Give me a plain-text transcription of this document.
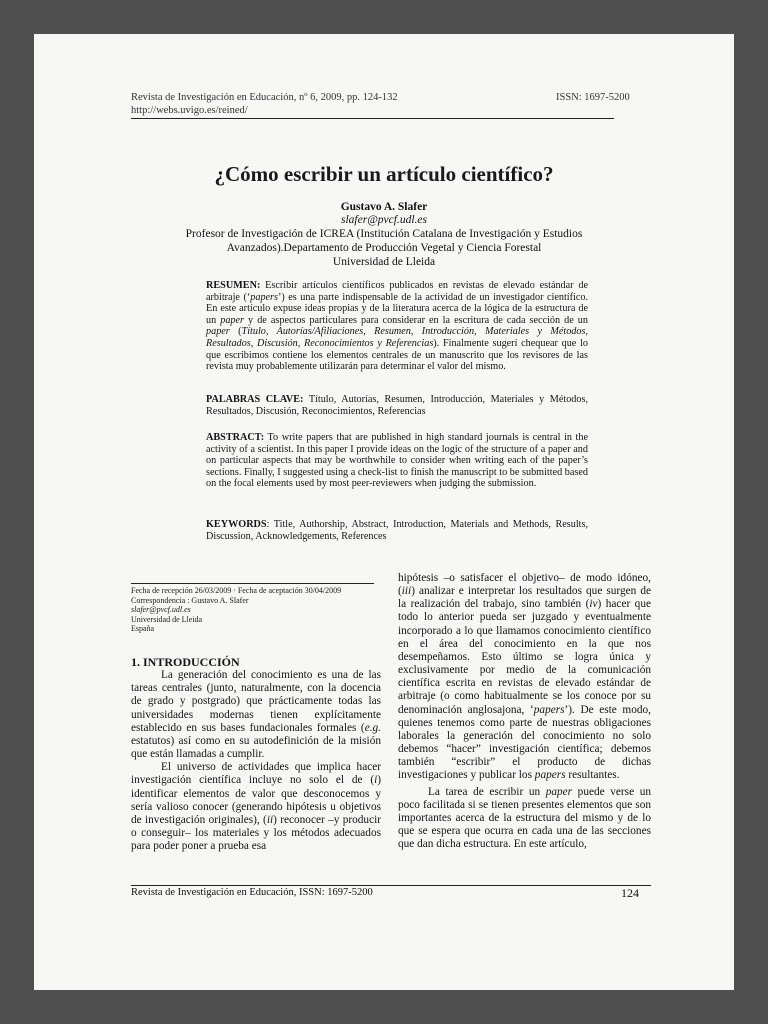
Revista de Investigación en Educación, nº 6, 2009, pp. 124-132
http://webs.uvigo.es/reined/
ISSN: 1697-5200
¿Cómo escribir un artículo científico?
Gustavo A. Slafer
slafer@pvcf.udl.es
Profesor de Investigación de ICREA (Institución Catalana de Investigación y Estudios
Avanzados).Departamento de Producción Vegetal y Ciencia Forestal
Universidad de Lleida
RESUMEN: Escribir artículos científicos publicados en revistas de elevado estándar de arbitraje (‘papers’) es una parte indispensable de la actividad de un investigador científico. En este artículo expuse ideas propias y de la literatura acerca de la lógica de la estructura de un paper y de aspectos particulares para considerar en la escritura de cada sección de un paper (Título, Autorías/Afiliaciones, Resumen, Introducción, Materiales y Métodos, Resultados, Discusión, Reconocimientos y Referencias). Finalmente sugerí chequear que lo que escribimos contiene los elementos centrales de un manuscrito que los revisores de las revista muy probablemente utilizarán para determinar el valor del mismo.
PALABRAS CLAVE: Título, Autorías, Resumen, Introducción, Materiales y Métodos, Resultados, Discusión, Reconocimientos, Referencias
ABSTRACT: To write papers that are published in high standard journals is central in the activity of a scientist. In this paper I provide ideas on the logic of the structure of a paper and on particular aspects that may be worthwhile to consider when writing each of the paper’s sections. Finally, I suggested using a check-list to finish the manuscript to be submitted based on the focal elements used by most peer-reviewers when judging the submission.
KEYWORDS: Title, Authorship, Abstract, Introduction, Materials and Methods, Results, Discussion, Acknowledgements, References
Fecha de recepción 26/03/2009 · Fecha de aceptación 30/04/2009
Correspondencia : Gustavo A. Slafer
slafer@pvcf.udl.es
Universidad de Lleida
España

1. INTRODUCCIÓN

La generación del conocimiento es una de las tareas centrales (junto, naturalmente, con la docencia de grado y postgrado) que prácticamente todas las universidades modernas tienen explícitamente establecido en sus bases fundacionales formales (e.g. estatutos) así como en su autodefinición de la misión que están llamadas a cumplir.

El universo de actividades que implica hacer investigación científica incluye no solo el de (i) identificar elementos de valor que desconocemos y sería valioso conocer (generando hipótesis u objetivos de investigación originales), (ii) reconocer –y producir o conseguir– los materiales y los métodos adecuados para poder poner a prueba esa

hipótesis –o satisfacer el objetivo– de modo idóneo, (iii) analizar e interpretar los resultados que surgen de la realización del trabajo, sino también (iv) hacer que todo lo anterior pueda ser juzgado y eventualmente incorporado a lo que llamamos conocimiento científico en el área del conocimiento en la que nos desempeñamos. Esto último se logra única y exclusivamente por medio de la comunicación científica escrita en revistas de elevado estándar de arbitraje (o como habitualmente se los conoce por su denominación anglosajona, ‘papers’). De este modo, quienes tenemos como parte de nuestras obligaciones laborales la generación del conocimiento no solo debemos “hacer” investigación científica; debemos también “escribir” el producto de dichas investigaciones y publicar los papers resultantes.

La tarea de escribir un paper puede verse un poco facilitada si se tienen presentes elementos que son importantes acerca de la estructura del mismo y de lo que se espera que ocurra en cada una de las secciones que dan dicha estructura. En este artículo,

Revista de Investigación en Educación, ISSN: 1697-5200	124
